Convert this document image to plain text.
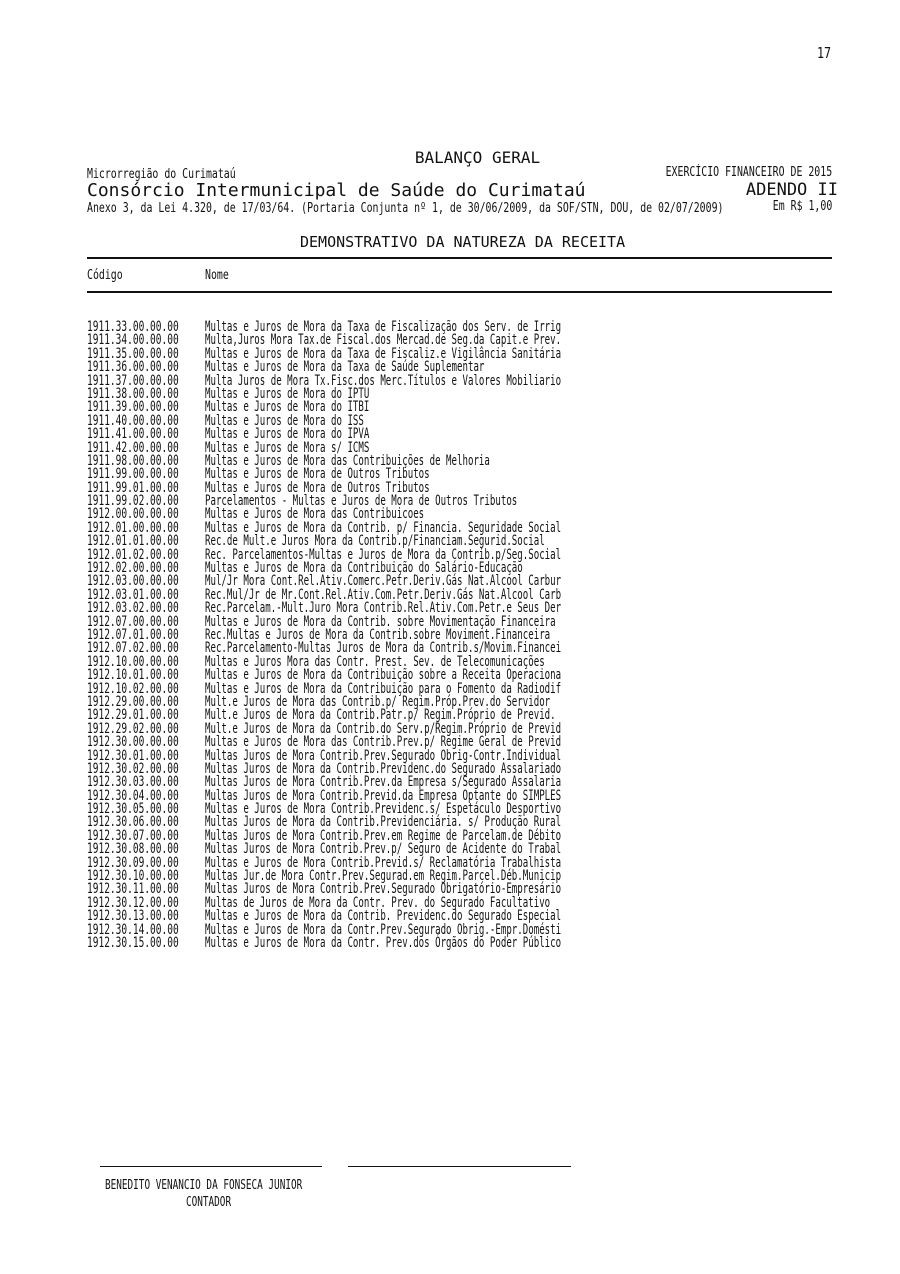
17
BALANÇO GERAL
Microrregião do Curimataú	EXERCÍCIO FINANCEIRO DE 2015
Consórcio Intermunicipal de Saúde do Curimataú	ADENDO II
Anexo 3, da Lei 4.320, de 17/03/64. (Portaria Conjunta nº 1, de 30/06/2009, da SOF/STN, DOU, de 02/07/2009)	Em R$ 1,00
DEMONSTRATIVO DA NATUREZA DA RECEITA
Código	Nome
1911.33.00.00.00 Multas e Juros de Mora da Taxa de Fiscalização dos Serv. de Irrig
1911.34.00.00.00 Multa,Juros Mora Tax.de Fiscal.dos Mercad.de Seg.da Capit.e Prev.
1911.35.00.00.00 Multas e Juros de Mora da Taxa de Fiscaliz.e Vigilância Sanitária
1911.36.00.00.00 Multas e Juros de Mora da Taxa de Saúde Suplementar
1911.37.00.00.00 Multa Juros de Mora Tx.Fisc.dos Merc.Títulos e Valores Mobiliario
1911.38.00.00.00 Multas e Juros de Mora do IPTU
1911.39.00.00.00 Multas e Juros de Mora do ITBI
1911.40.00.00.00 Multas e Juros de Mora do ISS
1911.41.00.00.00 Multas e Juros de Mora do IPVA
1911.42.00.00.00 Multas e Juros de Mora s/ ICMS
1911.98.00.00.00 Multas e Juros de Mora das Contribuições de Melhoria
1911.99.00.00.00 Multas e Juros de Mora de Outros Tributos
1911.99.01.00.00 Multas e Juros de Mora de Outros Tributos
1911.99.02.00.00 Parcelamentos - Multas e Juros de Mora de Outros Tributos
1912.00.00.00.00 Multas e Juros de Mora das Contribuicoes
1912.01.00.00.00 Multas e Juros de Mora da Contrib. p/ Financia. Seguridade Social
1912.01.01.00.00 Rec.de Mult.e Juros Mora da Contrib.p/Financiam.Segurid.Social
1912.01.02.00.00 Rec. Parcelamentos-Multas e Juros de Mora da Contrib.p/Seg.Social
1912.02.00.00.00 Multas e Juros de Mora da Contribuição do Salário-Educação
1912.03.00.00.00 Mul/Jr Mora Cont.Rel.Ativ.Comerc.Petr.Deriv.Gás Nat.Alcool Carbur
1912.03.01.00.00 Rec.Mul/Jr de Mr.Cont.Rel.Ativ.Com.Petr.Deriv.Gás Nat.Alcool Carb
1912.03.02.00.00 Rec.Parcelam.-Mult.Juro Mora Contrib.Rel.Ativ.Com.Petr.e Seus Der
1912.07.00.00.00 Multas e Juros de Mora da Contrib. sobre Movimentação Financeira
1912.07.01.00.00 Rec.Multas e Juros de Mora da Contrib.sobre Moviment.Financeira
1912.07.02.00.00 Rec.Parcelamento-Multas Juros de Mora da Contrib.s/Movim.Financei
1912.10.00.00.00 Multas e Juros Mora das Contr. Prest. Sev. de Telecomunicações
1912.10.01.00.00 Multas e Juros de Mora da Contribuição sobre a Receita Operaciona
1912.10.02.00.00 Multas e Juros de Mora da Contribuição para o Fomento da Radiodif
1912.29.00.00.00 Mult.e Juros de Mora das Contrib.p/ Regim.Próp.Prev.do Servidor
1912.29.01.00.00 Mult.e Juros de Mora da Contrib.Patr.p/ Regim.Próprio de Previd.
1912.29.02.00.00 Mult.e Juros de Mora da Contrib.do Serv.p/Regim.Próprio de Previd
1912.30.00.00.00 Multas e Juros de Mora das Contrib.Prev.p/ Regime Geral de Previd
1912.30.01.00.00 Multas Juros de Mora Contrib.Prev.Segurado Obrig-Contr.Individual
1912.30.02.00.00 Multas Juros de Mora da Contrib.Previdenc.do Segurado Assalariado
1912.30.03.00.00 Multas Juros de Mora Contrib.Prev.da Empresa s/Segurado Assalaria
1912.30.04.00.00 Multas Juros de Mora Contrib.Previd.da Empresa Optante do SIMPLES
1912.30.05.00.00 Multas e Juros de Mora Contrib.Previdenc.s/ Espetáculo Desportivo
1912.30.06.00.00 Multas Juros de Mora da Contrib.Previdenciária. s/ Produção Rural
1912.30.07.00.00 Multas Juros de Mora Contrib.Prev.em Regime de Parcelam.de Débito
1912.30.08.00.00 Multas Juros de Mora Contrib.Prev.p/ Seguro de Acidente do Trabal
1912.30.09.00.00 Multas e Juros de Mora Contrib.Previd.s/ Reclamatória Trabalhista
1912.30.10.00.00 Multas Jur.de Mora Contr.Prev.Segurad.em Regim.Parcel.Déb.Municip
1912.30.11.00.00 Multas Juros de Mora Contrib.Prev.Segurado Obrigatório-Empresário
1912.30.12.00.00 Multas de Juros de Mora da Contr. Prev. do Segurado Facultativo
1912.30.13.00.00 Multas e Juros de Mora da Contrib. Previdenc.do Segurado Especial
1912.30.14.00.00 Multas e Juros de Mora da Contr.Prev.Segurado Obrig.-Empr.Domésti
1912.30.15.00.00 Multas e Juros de Mora da Contr. Prev.dos Órgãos do Poder Público
BENEDITO VENANCIO DA FONSECA JUNIOR
CONTADOR
